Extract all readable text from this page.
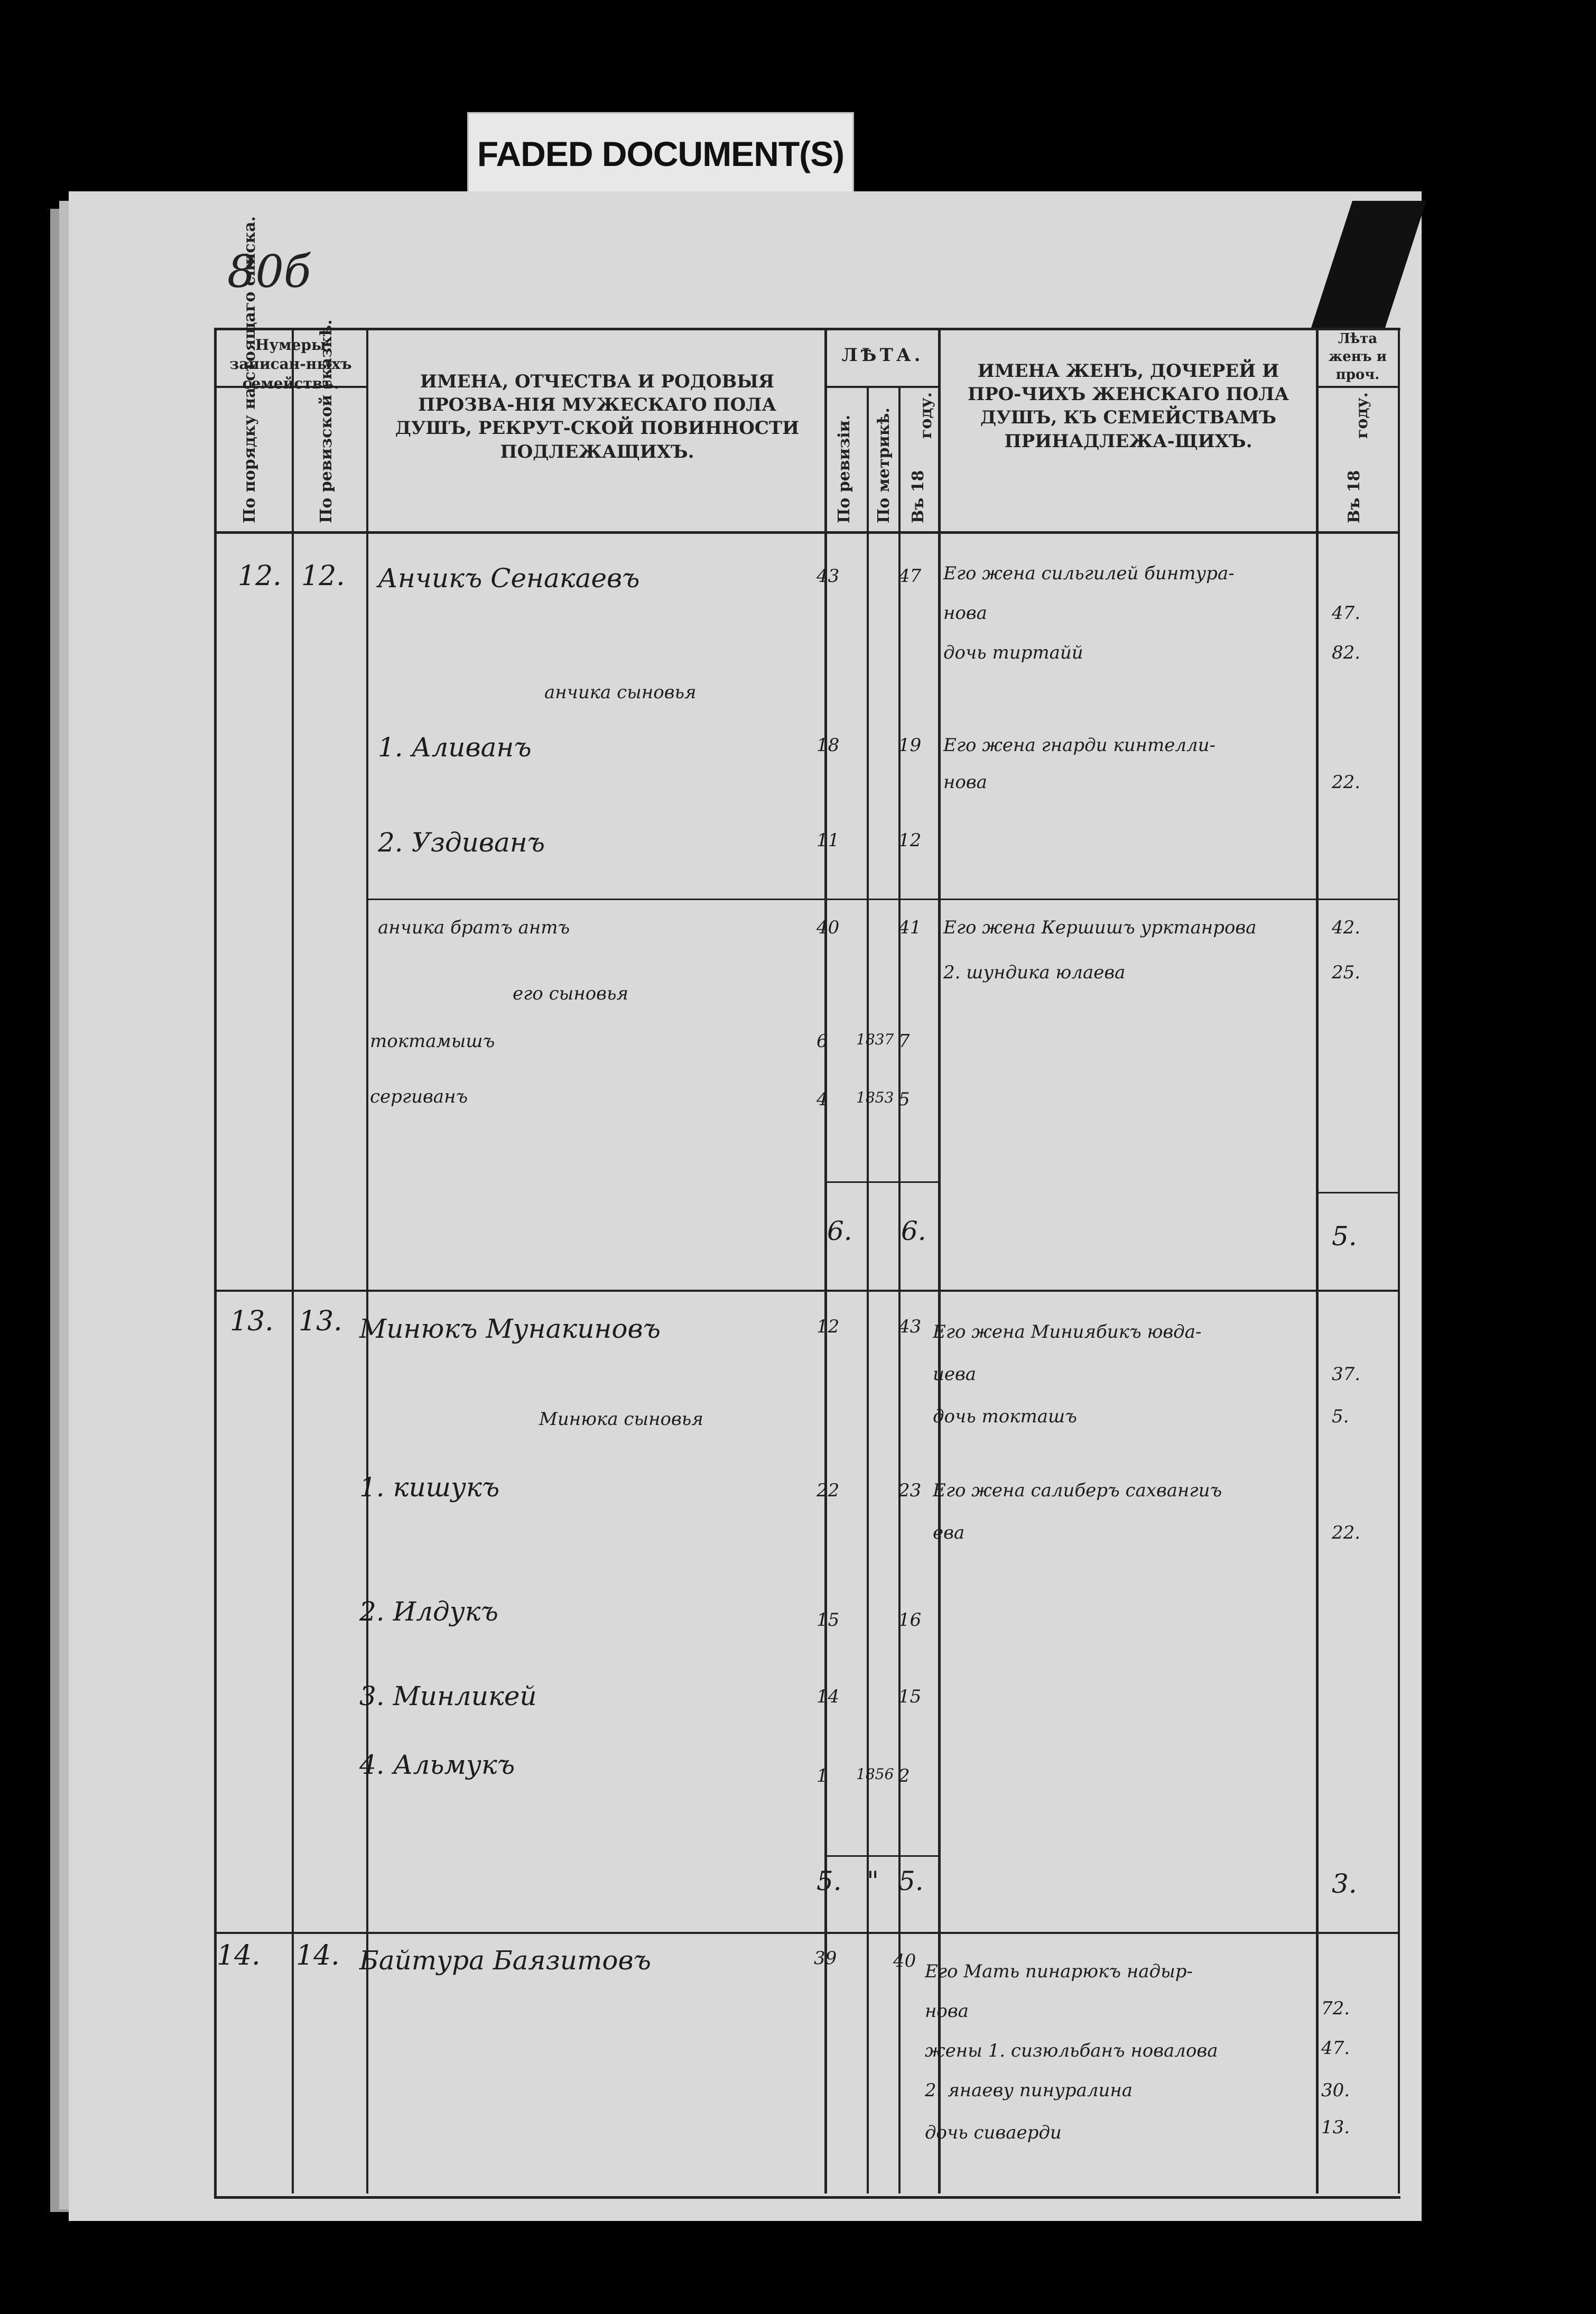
FADED DOCUMENT(S)
80б
Нумеры записан-ныхъ семействъ.
По порядку на-стоящаго списка.	По ревизской сказкѣ.	ИМЕНА, ОТЧЕСТВА И РОДОВЫЯ ПРОЗВА-НІЯ МУЖЕСКАГО ПОЛА ДУШЪ, РЕКРУТ-СКОЙ ПОВИННОСТИ ПОДЛЕЖАЩИХЪ.
ЛѢТА.
По ревизіи. По метрикѣ. Въ 18
году.
ИМЕНА ЖЕНЪ, ДОЧЕРЕЙ И ПРО-ЧИХЪ ЖЕНСКАГО ПОЛА ДУШЪ, КЪ СЕМЕЙСТВАМЪ ПРИНАДЛЕЖА-ЩИХЪ.
Лѣта женъ и проч.
Въ 18
году.
12. 12. Анчикъ Сенакаевъ	43	47 Его жена сильгилей бинтура-
нова	47.
дочь тиртайй	82.
анчика сыновья
1. Аливанъ	18	19 Его жена гнарди кинтелли-
нова	22.
2. Уздиванъ	11	12
анчика братъ антъ	40	41 Его жена Кершишъ урктанрова	42.
2. шундика юлаева	25.
его сыновья
токтамышъ	6 1837 7
сергиванъ	4 1853 5
6. 6.	5.
13. 13. Минюкъ Мунакиновъ	12	43 Его жена Миниябикъ ювда-
иева	37.
дочь токташъ	5.
Минюка сыновья
1. кишукъ	22	23 Его жена салиберъ сахвангиъ
ева	22.
2. Илдукъ	15	16
3. Минликей	14	15
4. Альмукъ	1 1856 2
5. " 5.	3.
14. 14. Байтура Баязитовъ	39	40 Его Мать пинарюкъ надыр-
нова	72.
жены 1. сизюльбанъ новалова	47.
2. янаеву пинуралина	30.
дочь сиваерди	13.
